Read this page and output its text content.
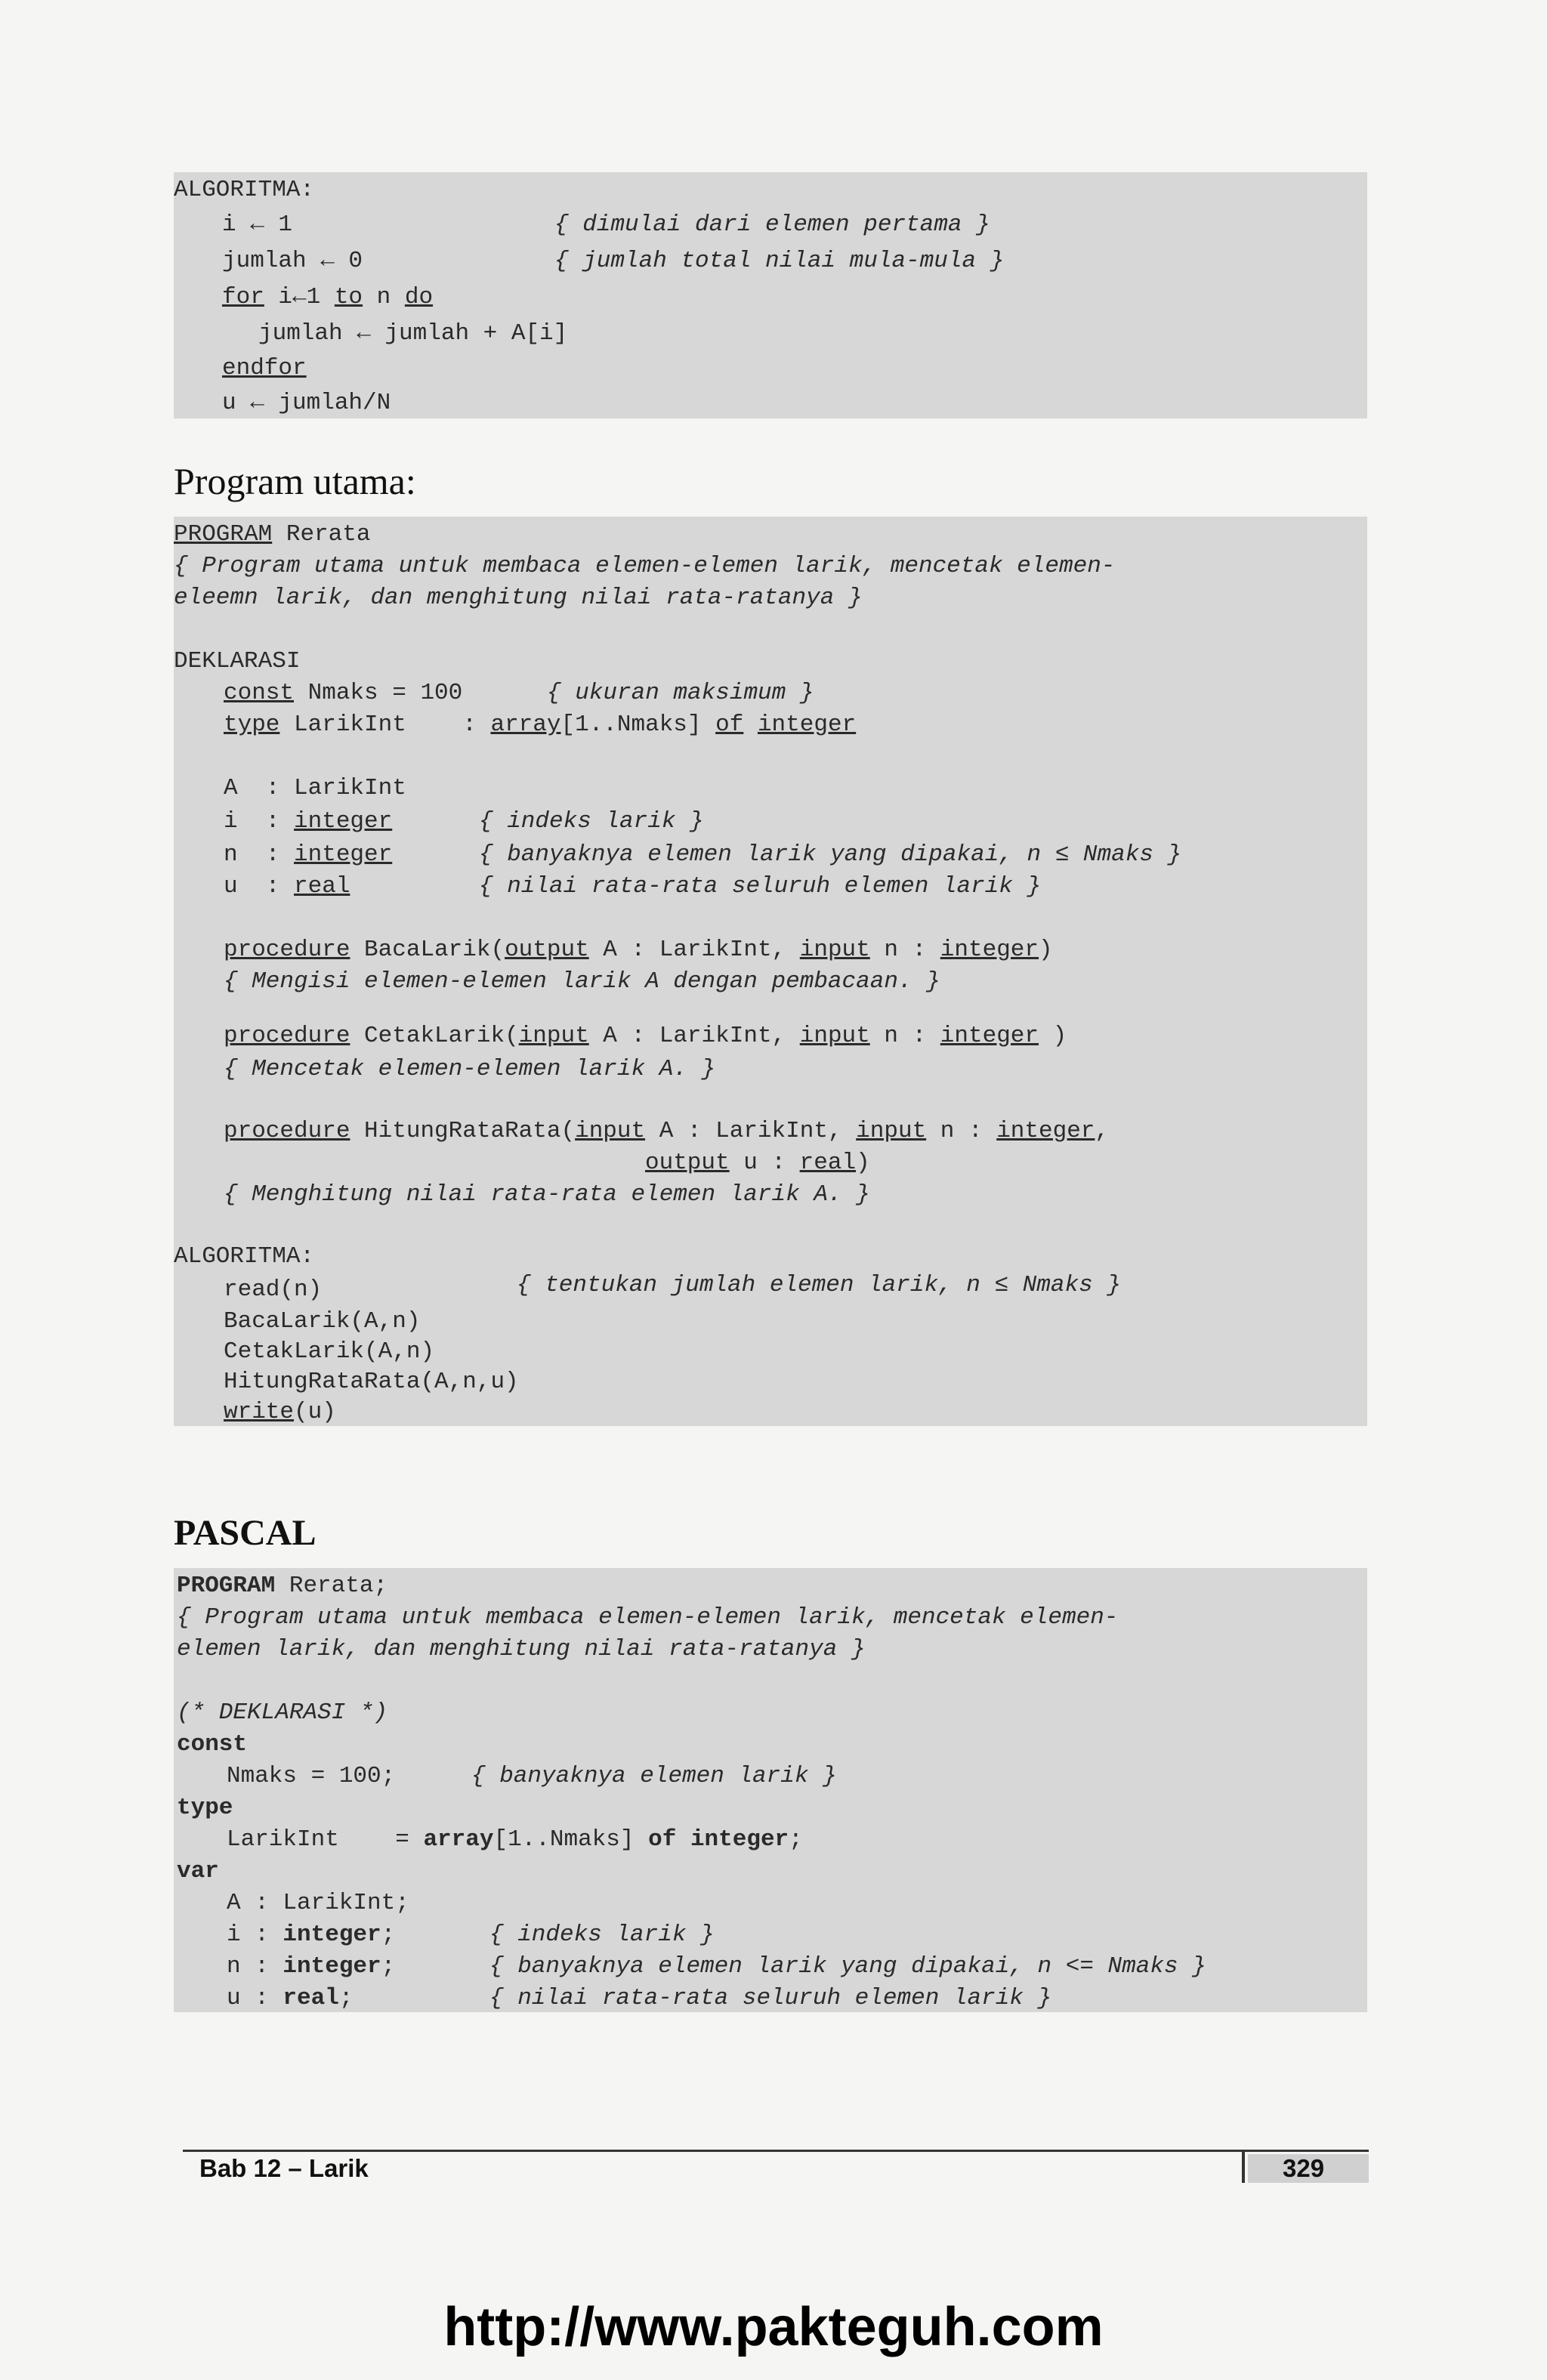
ALGORITMA:
i ← 1	{ dimulai dari elemen pertama }
jumlah ← 0	{ jumlah total nilai mula-mula }
for i←1 to n do
jumlah ← jumlah + A[i]
endfor
u ← jumlah/N
Program utama:
PROGRAM Rerata
{ Program utama untuk membaca elemen-elemen larik, mencetak elemen-
eleemn larik, dan menghitung nilai rata-ratanya }
DEKLARASI
const Nmaks = 100	{ ukuran maksimum }
type LarikInt    : array[1..Nmaks] of integer
A  : LarikInt
i  : integer	{ indeks larik }
n  : integer	{ banyaknya elemen larik yang dipakai, n ≤ Nmaks }
u  : real	{ nilai rata-rata seluruh elemen larik }
procedure BacaLarik(output A : LarikInt, input n : integer)
{ Mengisi elemen-elemen larik A dengan pembacaan. }
procedure CetakLarik(input A : LarikInt, input n : integer )
{ Mencetak elemen-elemen larik A. }
procedure HitungRataRata(input A : LarikInt, input n : integer,
output u : real)
{ Menghitung nilai rata-rata elemen larik A. }
ALGORITMA:
read(n)	{ tentukan jumlah elemen larik, n ≤ Nmaks }
BacaLarik(A,n)
CetakLarik(A,n)
HitungRataRata(A,n,u)
write(u)
PASCAL
PROGRAM Rerata;
{ Program utama untuk membaca elemen-elemen larik, mencetak elemen-
elemen larik, dan menghitung nilai rata-ratanya }
(* DEKLARASI *)
const
Nmaks = 100;	{ banyaknya elemen larik }
type
LarikInt    = array[1..Nmaks] of integer;
var
A : LarikInt;
i : integer;	{ indeks larik }
n : integer;	{ banyaknya elemen larik yang dipakai, n <= Nmaks }
u : real;	{ nilai rata-rata seluruh elemen larik }
Bab 12 – Larik	329
http://www.pakteguh.com
